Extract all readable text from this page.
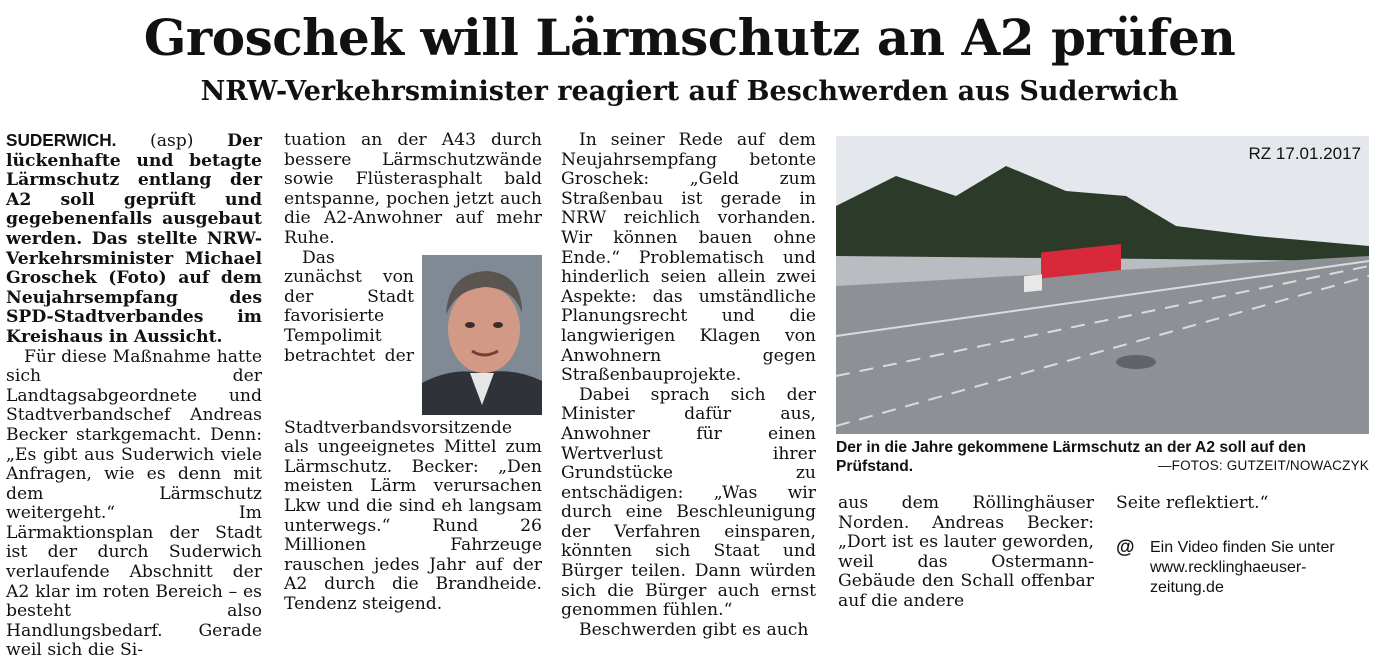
Groschek will Lärmschutz an A2 prüfen
NRW-Verkehrsminister reagiert auf Beschwerden aus Suderwich

SUDERWICH. (asp) Der lückenhafte und betagte Lärmschutz entlang der A2 soll geprüft und gegebenenfalls ausgebaut werden. Das stellte NRW-Verkehrsminister Michael Groschek (Foto) auf dem Neujahrsempfang des SPD-Stadtverbandes im Kreishaus in Aussicht.

Für diese Maßnahme hatte sich der Landtagsabgeordnete und Stadtverbandschef Andreas Becker starkgemacht. Denn: „Es gibt aus Suderwich viele Anfragen, wie es denn mit dem Lärmschutz weitergeht.“ Im Lärmaktionsplan der Stadt ist der durch Suderwich verlaufende Abschnitt der A2 klar im roten Bereich – es besteht also Handlungsbedarf. Gerade weil sich die Si-

tuation an der A43 durch bessere Lärmschutzwände sowie Flüsterasphalt bald entspanne, pochen jetzt auch die A2-Anwohner auf mehr Ruhe.

Das zunächst von der Stadt favorisierte Tempolimit betrachtet der Stadtverbandsvorsitzende als ungeeignetes Mittel zum Lärmschutz. Becker: „Den meisten Lärm verursachen Lkw und die sind eh langsam unterwegs.“ Rund 26 Millionen Fahrzeuge rauschen jedes Jahr auf der A2 durch die Brandheide. Tendenz steigend.

In seiner Rede auf dem Neujahrsempfang betonte Groschek: „Geld zum Straßenbau ist gerade in NRW reichlich vorhanden. Wir können bauen ohne Ende.“ Problematisch und hinderlich seien allein zwei Aspekte: das umständliche Planungsrecht und die langwierigen Klagen von Anwohnern gegen Straßenbauprojekte.

Dabei sprach sich der Minister dafür aus, Anwohner für einen Wertverlust ihrer Grundstücke zu entschädigen: „Was wir durch eine Beschleunigung der Verfahren einsparen, könnten sich Staat und Bürger teilen. Dann würden sich die Bürger auch ernst genommen fühlen.“

Beschwerden gibt es auch

RZ 17.01.2017
Der in die Jahre gekommene Lärmschutz an der A2 soll auf den Prüfstand.	—FOTOS: GUTZEIT/NOWACZYK

aus dem Röllinghäuser Norden. Andreas Becker: „Dort ist es lauter geworden, weil das Ostermann-Gebäude den Schall offenbar auf die andere

Seite reflektiert.“

@ Ein Video finden Sie unter www.recklinghaeuser-zeitung.de
